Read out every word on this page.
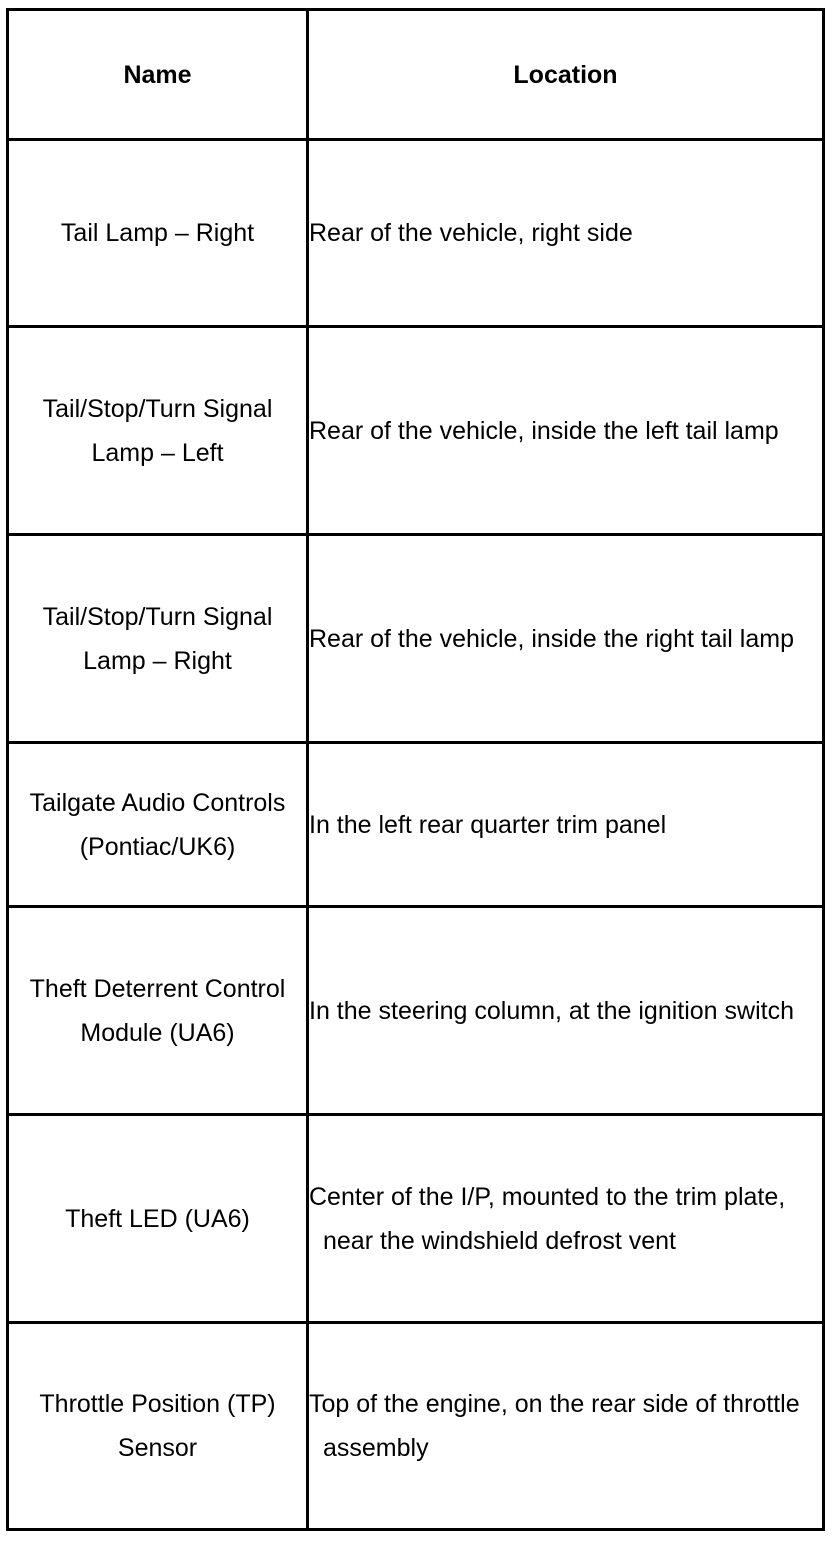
Name	Location
Tail Lamp – Right	Rear of the vehicle, right side

Tail/Stop/Turn Signal Lamp – Left	Rear of the vehicle, inside the left tail lamp

Tail/Stop/Turn Signal Lamp – Right	Rear of the vehicle, inside the right tail lamp

Tailgate Audio Controls (Pontiac/UK6)	In the left rear quarter trim panel

Theft Deterrent Control Module (UA6)	In the steering column, at the ignition switch

Theft LED (UA6)	Center of the I/P, mounted to the trim plate, near the windshield defrost vent

Throttle Position (TP) Sensor	Top of the engine, on the rear side of throttle assembly
